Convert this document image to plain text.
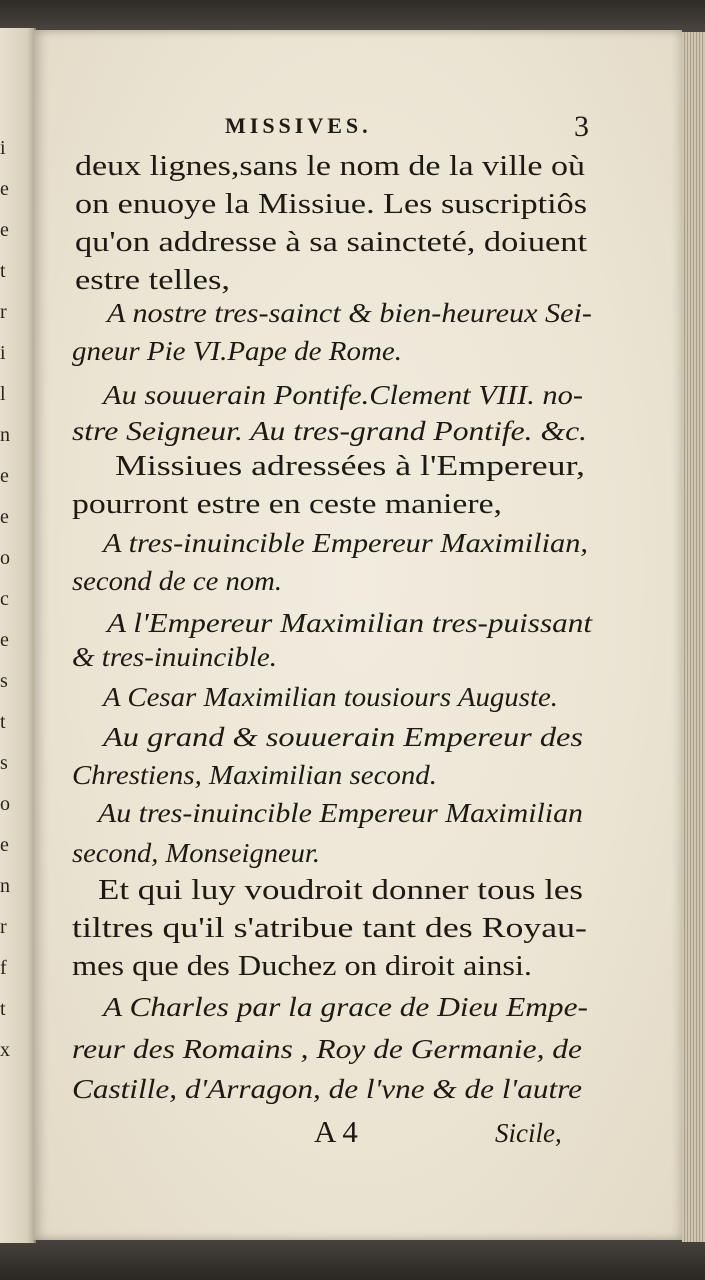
i
e
e
t
r
i
l
n
e
e
o
c
e
s
t
s
o
e
n
r
f
t
x
MISSIVES.	3
deux lignes,sans le nom de la ville où
on enuoye la Missiue. Les suscriptiôs
qu'on addresse à sa saincteté, doiuent
estre telles,
A nostre tres-sainct & bien-heureux Sei-
gneur Pie VI.Pape de Rome.
Au souuerain Pontife.Clement VIII. no-
stre Seigneur. Au tres-grand Pontife. &c.
Missiues adressées à l'Empereur,
pourront estre en ceste maniere,
A tres-inuincible Empereur Maximilian,
second de ce nom.
A l'Empereur Maximilian tres-puissant
& tres-inuincible.
A Cesar Maximilian tousiours Auguste.
Au grand & souuerain Empereur des
Chrestiens, Maximilian second.
Au tres-inuincible Empereur Maximilian
second, Monseigneur.
Et qui luy voudroit donner tous les
tiltres qu'il s'atribue tant des Royau-
mes que des Duchez on diroit ainsi.
A Charles par la grace de Dieu Empe-
reur des Romains , Roy de Germanie, de
Castille, d'Arragon, de l'vne & de l'autre
A 4	Sicile,
